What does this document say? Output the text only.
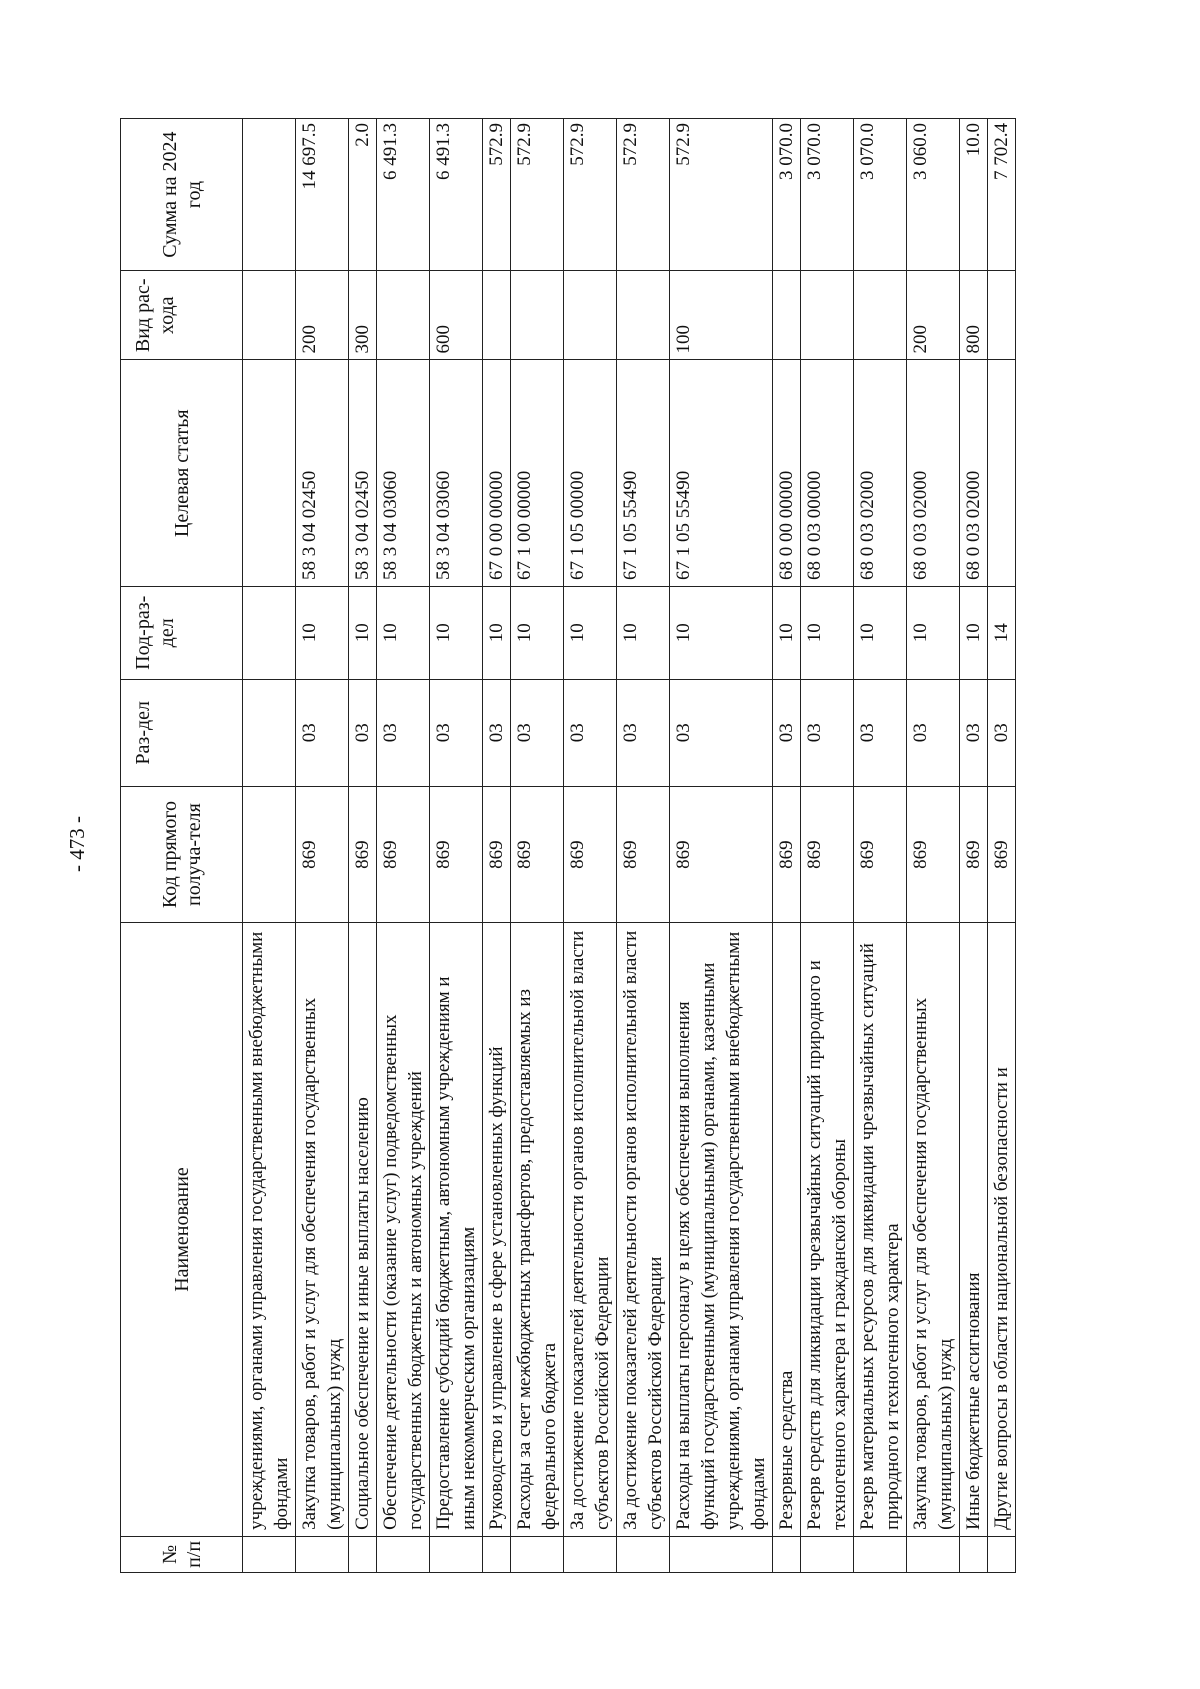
- 473 -
№ п/п	Наименование	Код прямого получа-теля	Раз-дел	Под-раз-дел	Целевая статья	Вид рас-хода	Сумма на 2024 год
	учреждениями, органами управления государственными внебюджетными фондами						
	Закупка товаров, работ и услуг для обеспечения государственных (муниципальных) нужд	869	03	10	58 3 04 02450	200	14 697.5
	Социальное обеспечение и иные выплаты населению	869	03	10	58 3 04 02450	300	2.0
	Обеспечение деятельности (оказание услуг) подведомственных государственных бюджетных и автономных учреждений	869	03	10	58 3 04 03060		6 491.3
	Предоставление субсидий бюджетным, автономным учреждениям и иным некоммерческим организациям	869	03	10	58 3 04 03060	600	6 491.3
	Руководство и управление в сфере установленных функций	869	03	10	67 0 00 00000		572.9
	Расходы за счет межбюджетных трансфертов, предоставляемых из федерального бюджета	869	03	10	67 1 00 00000		572.9
	За достижение показателей деятельности органов исполнительной власти субъектов Российской Федерации	869	03	10	67 1 05 00000		572.9
	За достижение показателей деятельности органов исполнительной власти субъектов Российской Федерации	869	03	10	67 1 05 55490		572.9
	Расходы на выплаты персоналу в целях обеспечения выполнения функций государственными (муниципальными) органами, казенными учреждениями, органами управления государственными внебюджетными фондами	869	03	10	67 1 05 55490	100	572.9
	Резервные средства	869	03	10	68 0 00 00000		3 070.0
	Резерв средств для ликвидации чрезвычайных ситуаций природного и техногенного характера и гражданской обороны	869	03	10	68 0 03 00000		3 070.0
	Резерв материальных ресурсов для ликвидации чрезвычайных ситуаций природного и техногенного характера	869	03	10	68 0 03 02000		3 070.0
	Закупка товаров, работ и услуг для обеспечения государственных (муниципальных) нужд	869	03	10	68 0 03 02000	200	3 060.0
	Иные бюджетные ассигнования	869	03	10	68 0 03 02000	800	10.0
	Другие вопросы в области национальной безопасности и	869	03	14			7 702.4
